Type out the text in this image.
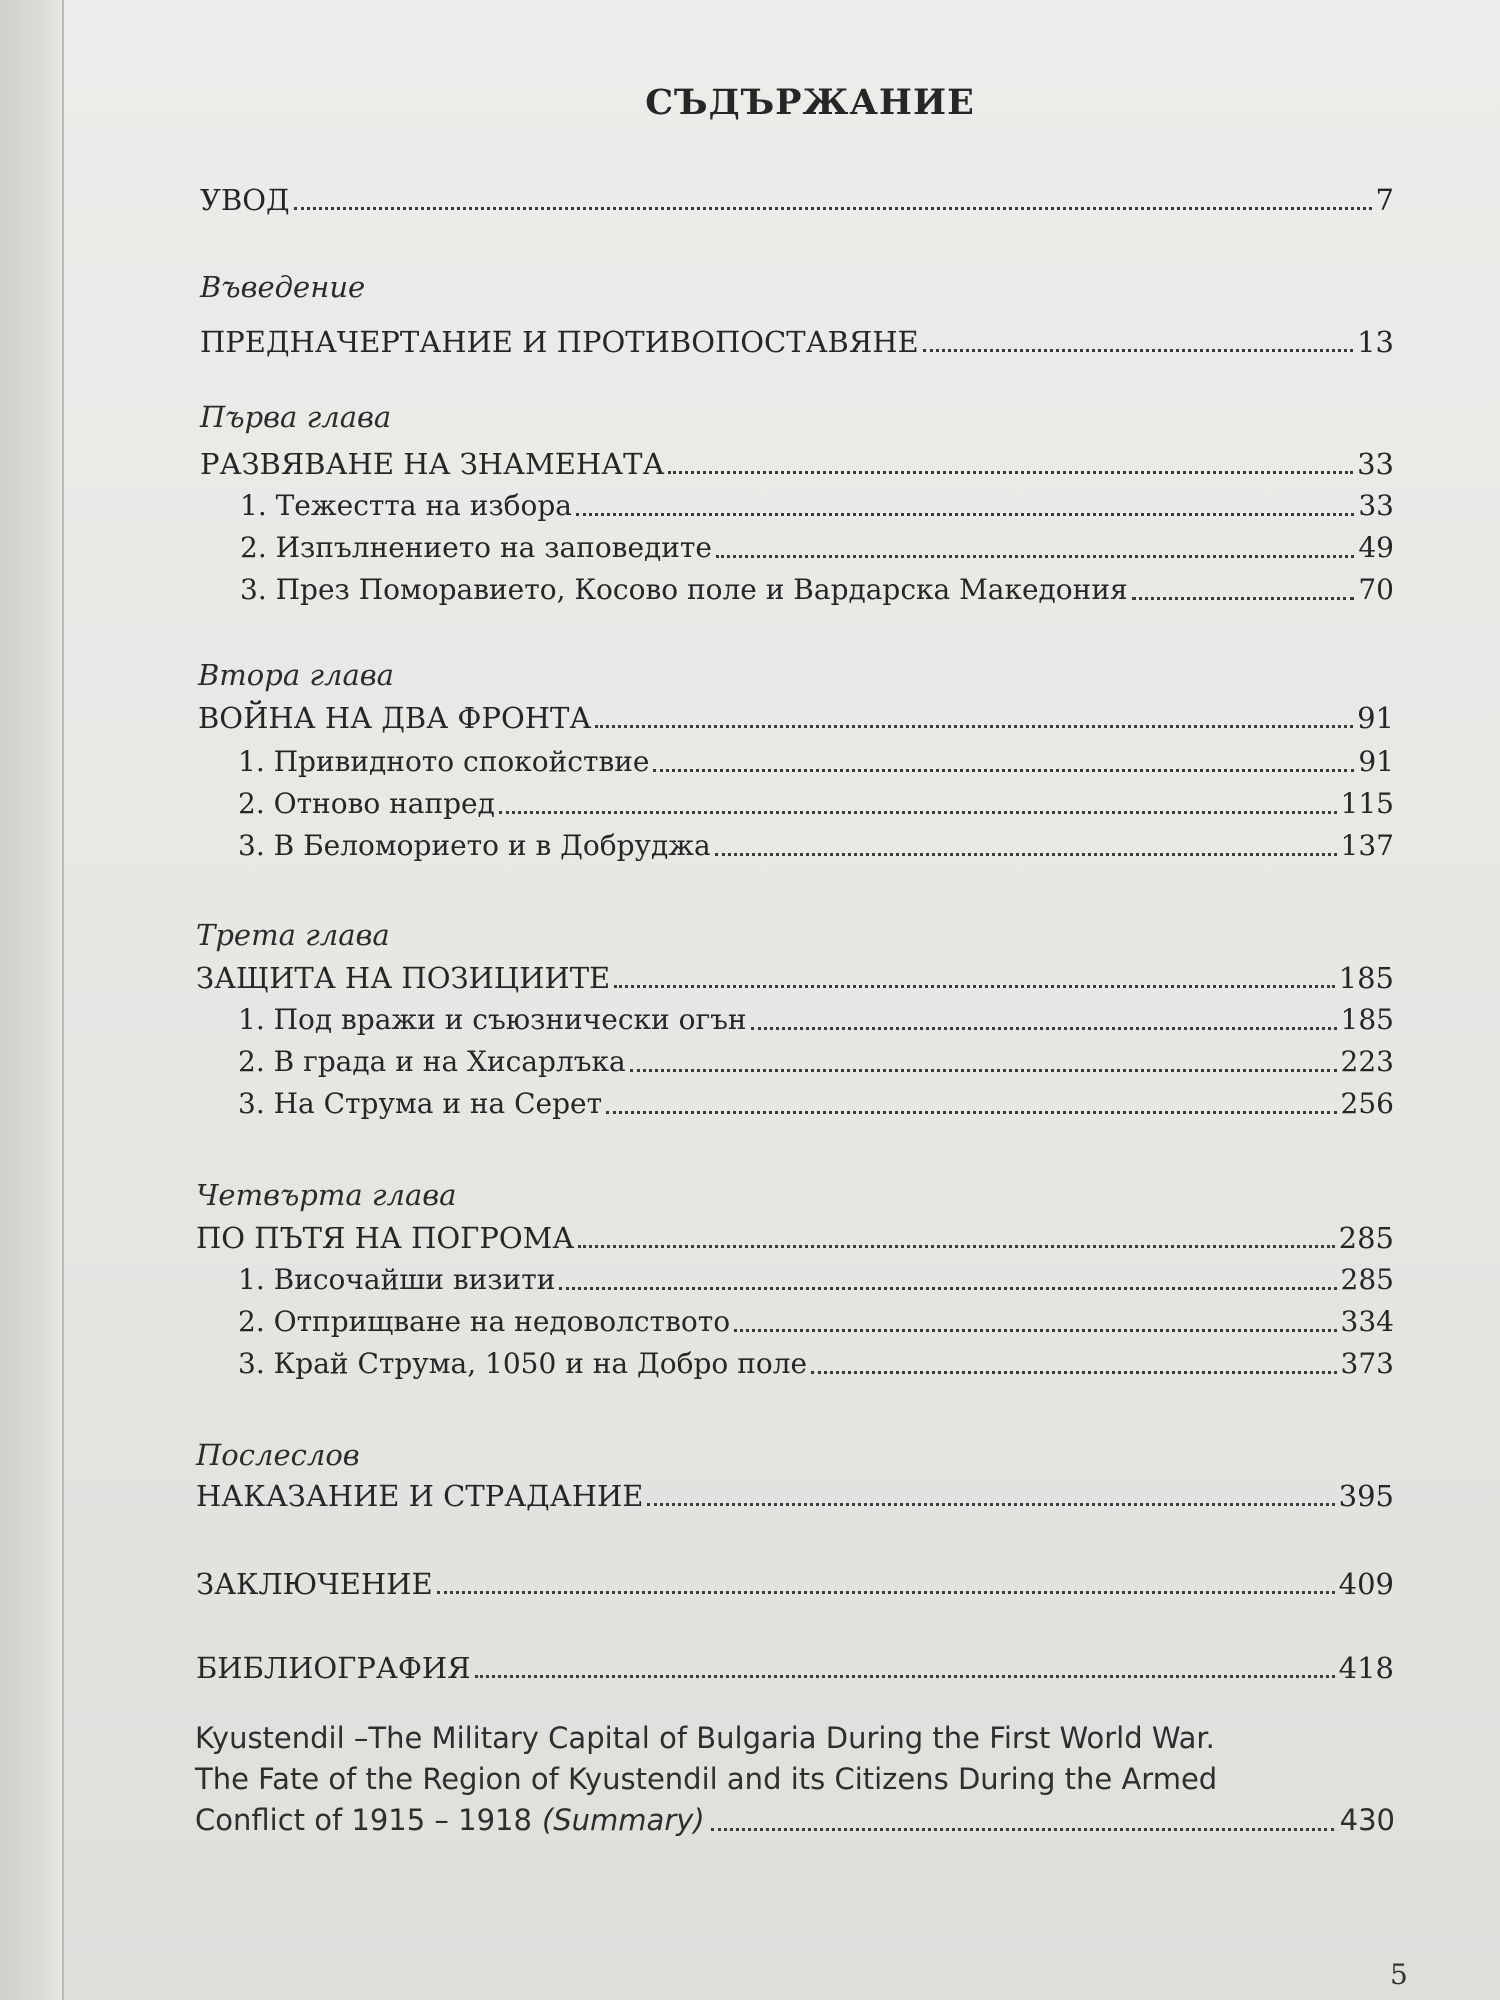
СЪДЪРЖАНИЕ
УВОД	7
Въведение
ПРЕДНАЧЕРТАНИЕ И ПРОТИВОПОСТАВЯНЕ	13
Първа глава
РАЗВЯВАНЕ НА ЗНАМЕНАТА	33
1. Тежестта на избора	33
2. Изпълнението на заповедите	49
3. През Поморавието, Косово поле и Вардарска Македония	70
Втора глава
ВОЙНА НА ДВА ФРОНТА	91
1. Привидното спокойствие	91
2. Отново напред	115
3. В Беломорието и в Добруджа	137
Трета глава
ЗАЩИТА НА ПОЗИЦИИТЕ	185
1. Под вражи и съюзнически огън	185
2. В града и на Хисарлъка	223
3. На Струма и на Серет	256
Четвърта глава
ПО ПЪТЯ НА ПОГРОМА	285
1. Височайши визити	285
2. Отприщване на недоволството	334
3. Край Струма, 1050 и на Добро поле	373
Послеслов
НАКАЗАНИЕ И СТРАДАНИЕ	395
ЗАКЛЮЧЕНИЕ	409
БИБЛИОГРАФИЯ	418
Kyustendil –The Military Capital of Bulgaria During the First World War.
The Fate of the Region of Kyustendil and its Citizens During the Armed
Conflict of 1915 – 1918 (Summary)	430
5
